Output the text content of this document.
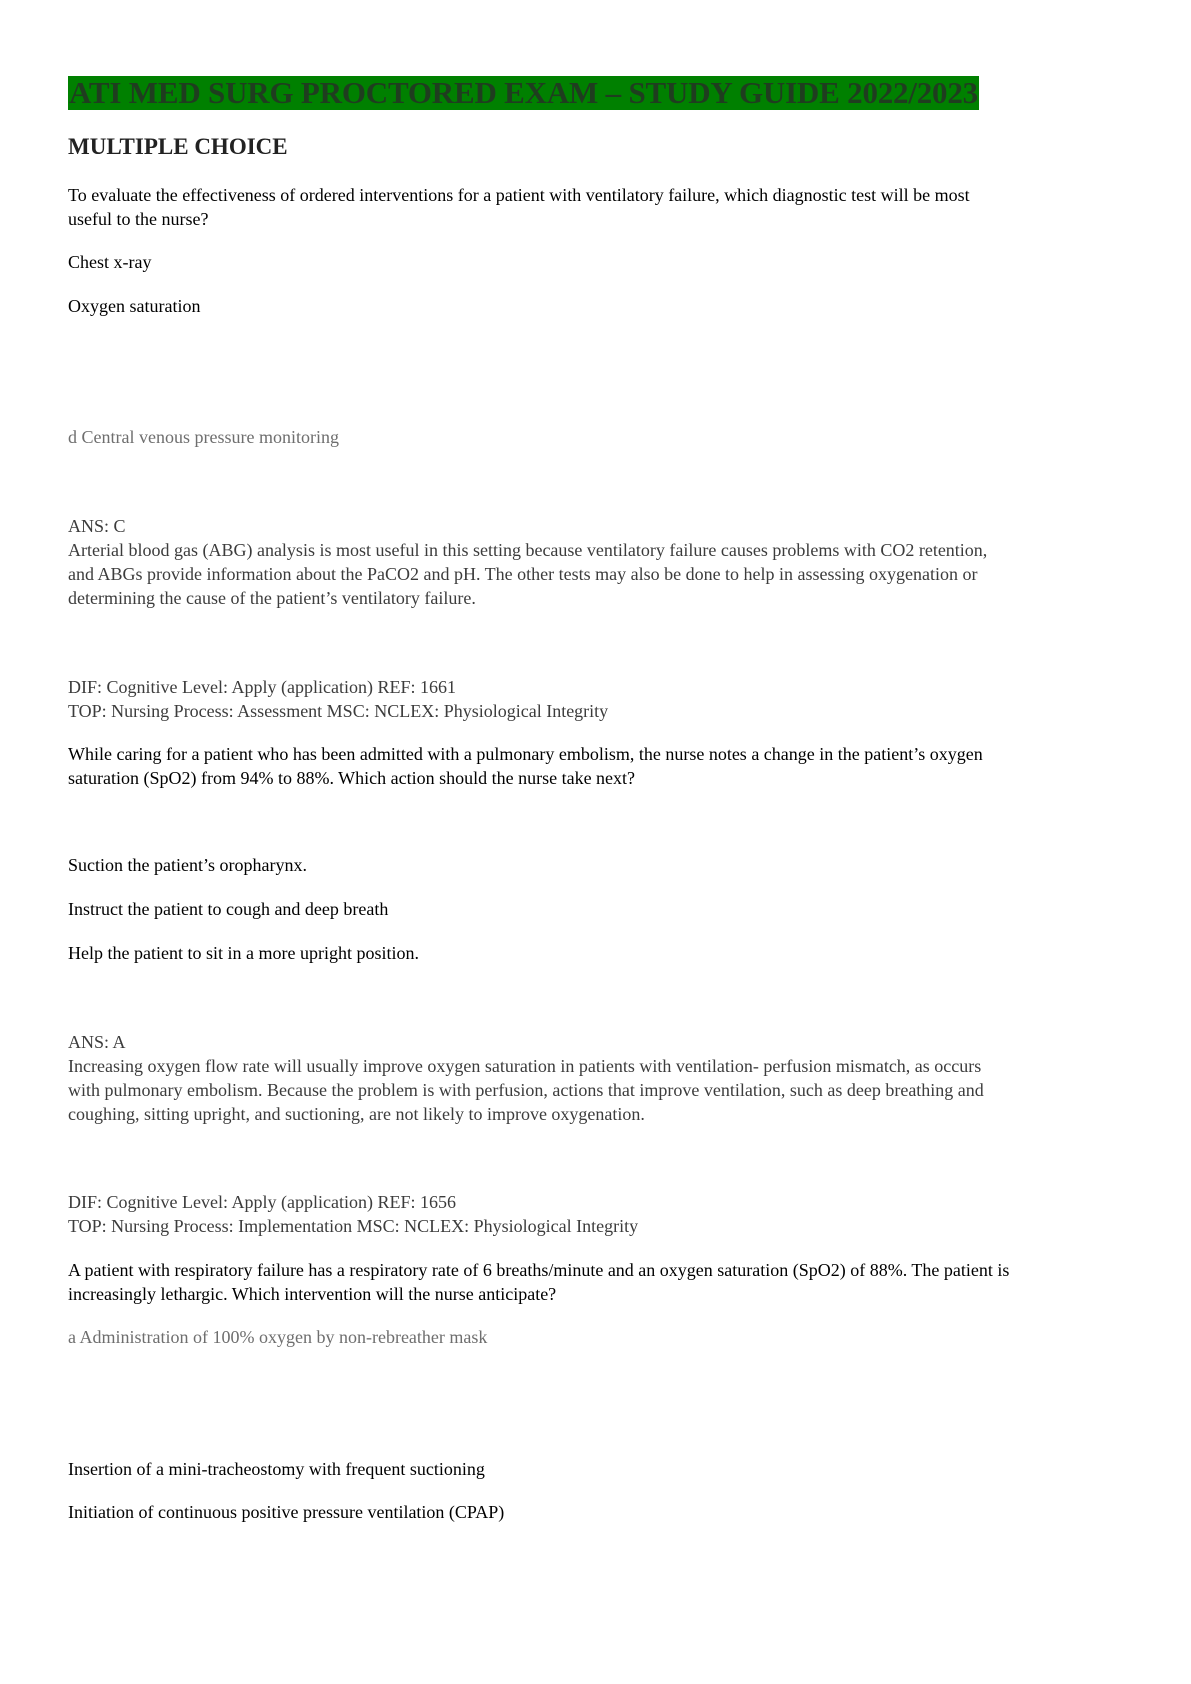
ATI MED SURG PROCTORED EXAM – STUDY GUIDE 2022/2023
MULTIPLE CHOICE
To evaluate the effectiveness of ordered interventions for a patient with ventilatory failure, which diagnostic test will be most
useful to the nurse?
Chest x-ray
Oxygen saturation
d Central venous pressure monitoring
ANS: C
Arterial blood gas (ABG) analysis is most useful in this setting because ventilatory failure causes problems with CO2 retention,
and ABGs provide information about the PaCO2 and pH. The other tests may also be done to help in assessing oxygenation or
determining the cause of the patient’s ventilatory failure.
DIF: Cognitive Level: Apply (application) REF: 1661
TOP: Nursing Process: Assessment MSC: NCLEX: Physiological Integrity
While caring for a patient who has been admitted with a pulmonary embolism, the nurse notes a change in the patient’s oxygen
saturation (SpO2) from 94% to 88%. Which action should the nurse take next?
Suction the patient’s oropharynx.
Instruct the patient to cough and deep breath
Help the patient to sit in a more upright position.
ANS: A
Increasing oxygen flow rate will usually improve oxygen saturation in patients with ventilation- perfusion mismatch, as occurs
with pulmonary embolism. Because the problem is with perfusion, actions that improve ventilation, such as deep breathing and
coughing, sitting upright, and suctioning, are not likely to improve oxygenation.
DIF: Cognitive Level: Apply (application) REF: 1656
TOP: Nursing Process: Implementation MSC: NCLEX: Physiological Integrity
A patient with respiratory failure has a respiratory rate of 6 breaths/minute and an oxygen saturation (SpO2) of 88%. The patient is
increasingly lethargic. Which intervention will the nurse anticipate?
a Administration of 100% oxygen by non-rebreather mask
Insertion of a mini-tracheostomy with frequent suctioning
Initiation of continuous positive pressure ventilation (CPAP)
